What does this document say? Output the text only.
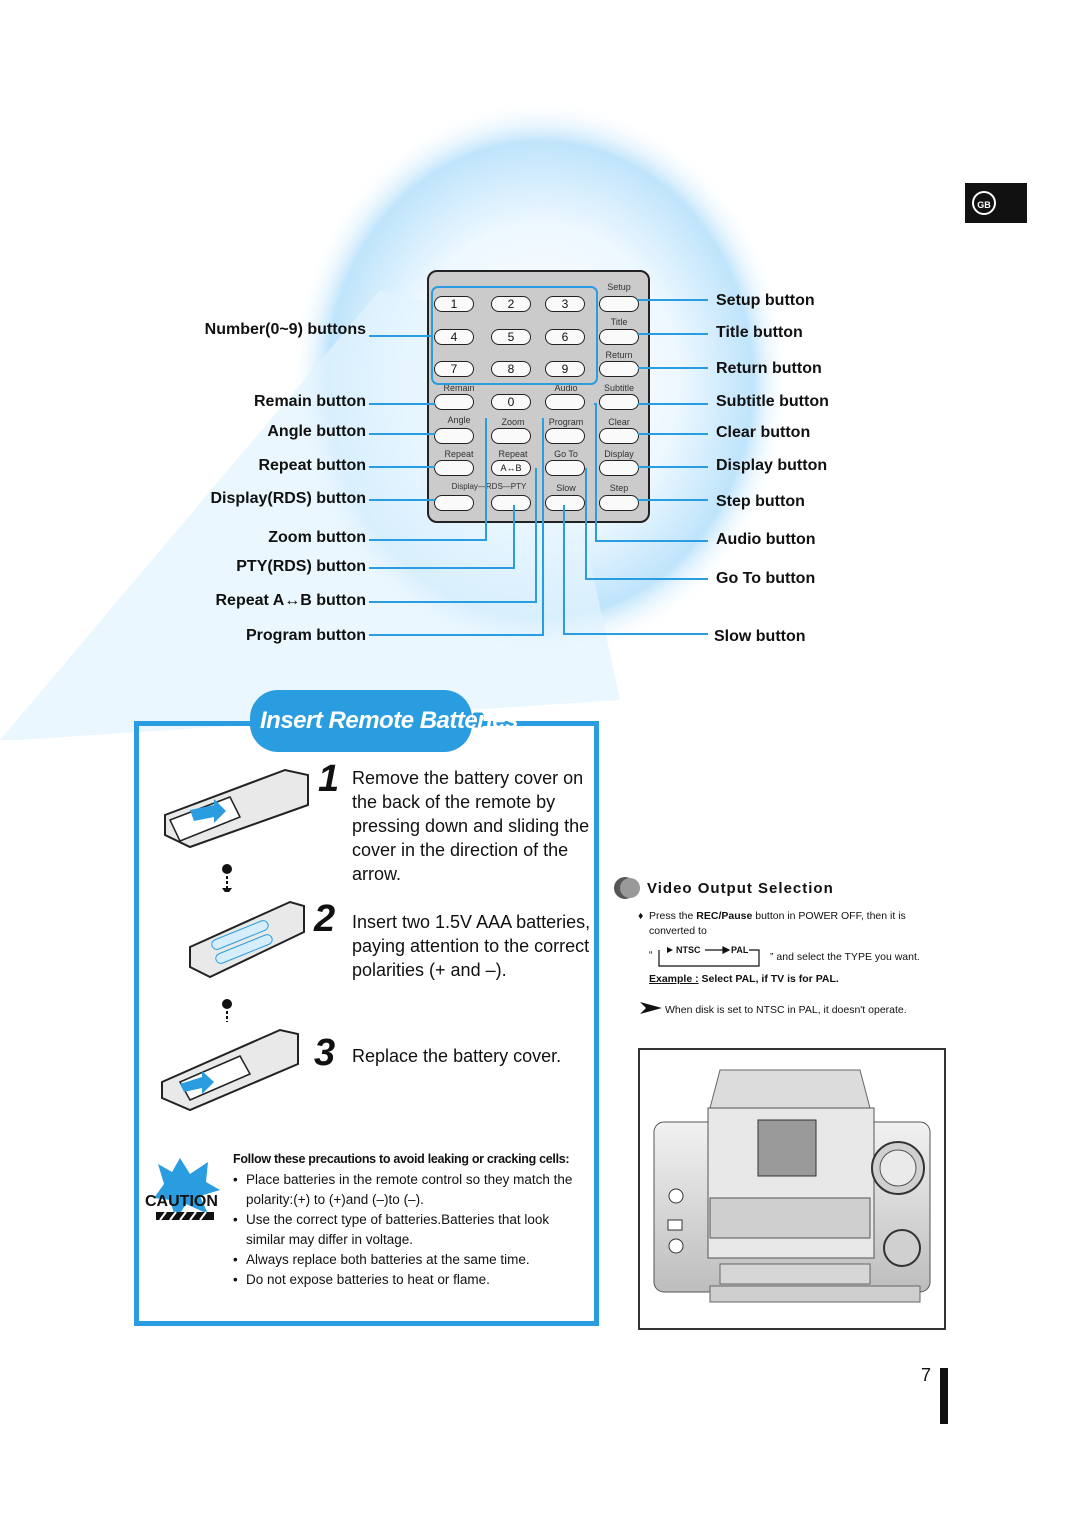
GB
Setup
1	2	3
Title
4	5	6
Return
7	8	9
Remain	Audio	Subtitle
0
Angle	Zoom	Program	Clear
Repeat	Repeat	Go To	Display
A↔B
Display—RDS—PTY	Slow	Step
Number(0~9) buttons
Remain button
Angle button
Repeat button
Display(RDS) button
Zoom button
PTY(RDS) button
Repeat A↔B button
Program button
Setup button
Title button
Return button
Subtitle button
Clear button
Display button
Step button
Audio button
Go To button
Slow button
Insert Remote Batteries
1 Remove the battery cover on the back of the remote by pressing down and sliding the cover in the direction of the arrow.
2 Insert two 1.5V AAA batteries, paying attention to the correct polarities (+ and –).
3 Replace the battery cover.
CAUTION
Follow these precautions to avoid leaking or cracking cells:
• Place batteries in the remote control so they match the polarity:(+) to (+)and (–)to (–).
• Use the correct type of batteries.Batteries that look similar may differ in voltage.
• Always replace both batteries at the same time.
• Do not expose batteries to heat or flame.
Video Output Selection
♦ Press the REC/Pause button in POWER OFF, then it is converted to
“	NTSC	PAL
” and select the TYPE you want.
Example : Select PAL, if TV is for PAL.
When disk is set to NTSC in PAL, it doesn't operate.
7
